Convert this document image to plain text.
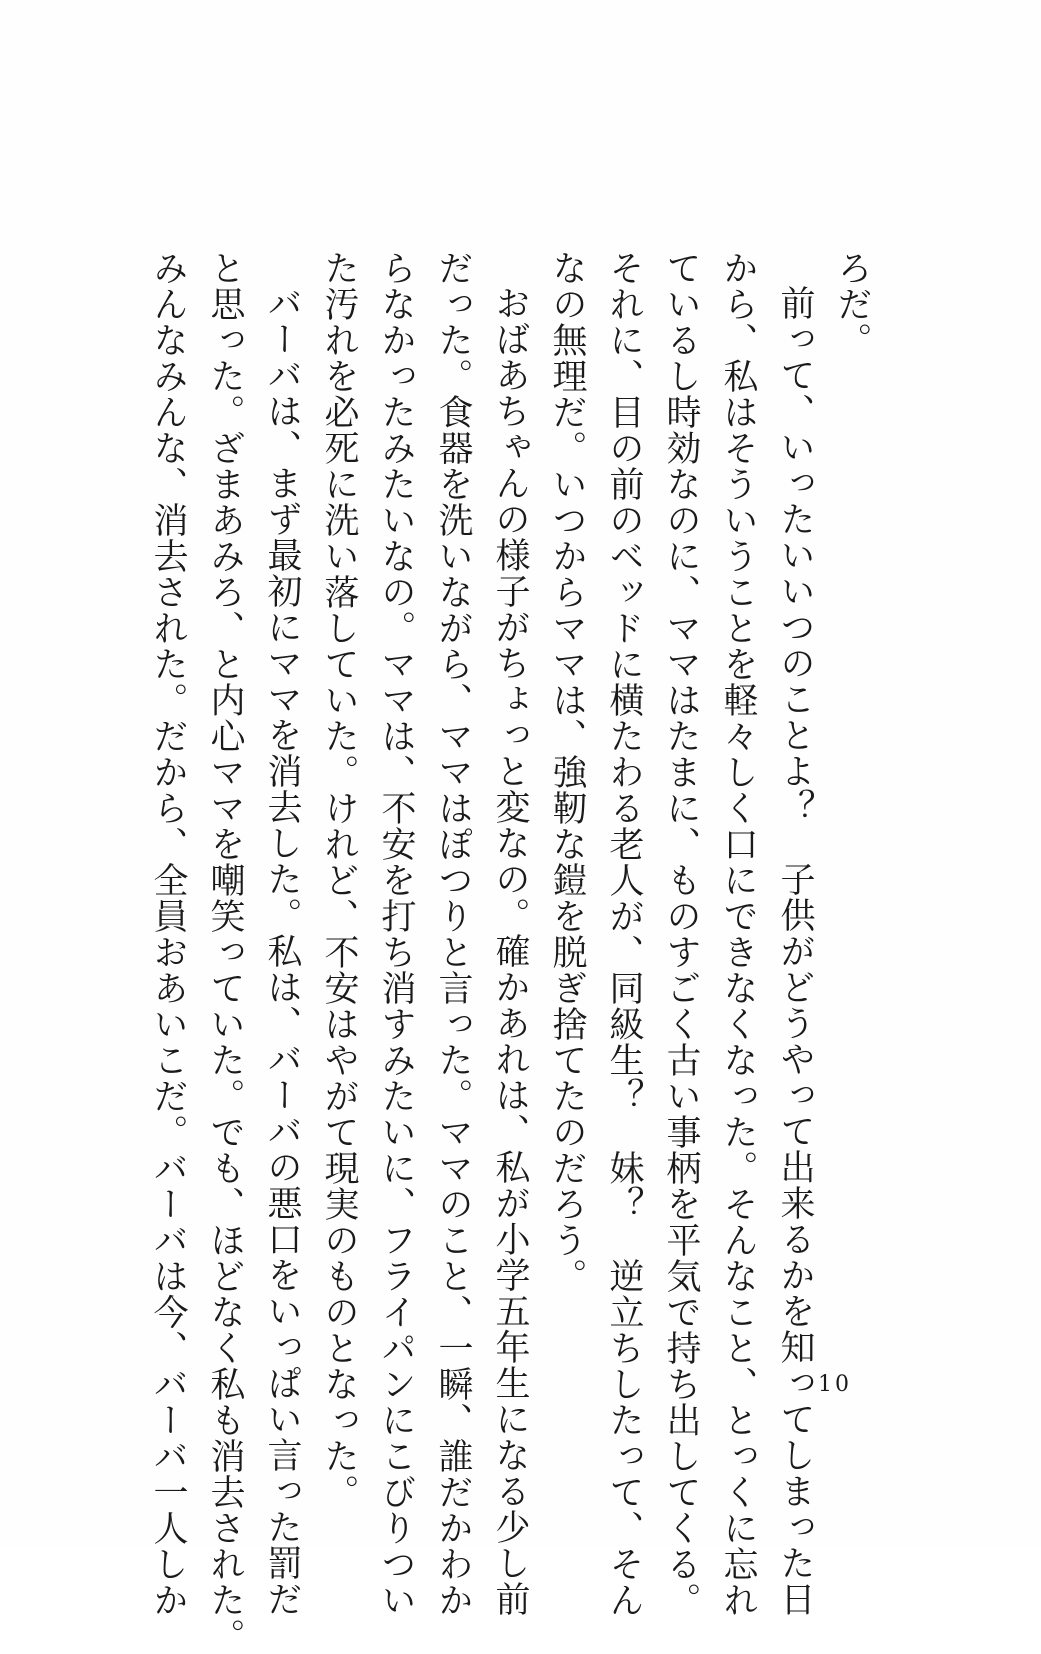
ろだ。

前って、いったいいつのことよ？　子供がどうやって出来るかを知ってしまった日

から、私はそういうことを軽々しく口にできなくなった。そんなこと、とっくに忘れ

ているし時効なのに、ママはたまに、ものすごく古い事柄を平気で持ち出してくる。

それに、目の前のベッドに横たわる老人が、同級生？　妹？　逆立ちしたって、そん

なの無理だ。いつからママは、強靭な鎧を脱ぎ捨てたのだろう。

おばあちゃんの様子がちょっと変なの。確かあれは、私が小学五年生になる少し前

だった。食器を洗いながら、ママはぽつりと言った。ママのこと、一瞬、誰だかわか

らなかったみたいなの。ママは、不安を打ち消すみたいに、フライパンにこびりつい

た汚れを必死に洗い落していた。けれど、不安はやがて現実のものとなった。

バーバは、まず最初にママを消去した。私は、バーバの悪口をいっぱい言った罰だ

と思った。ざまあみろ、と内心ママを嘲笑っていた。でも、ほどなく私も消去された。

みんなみんな、消去された。だから、全員おあいこだ。バーバは今、バーバ一人しか	10
